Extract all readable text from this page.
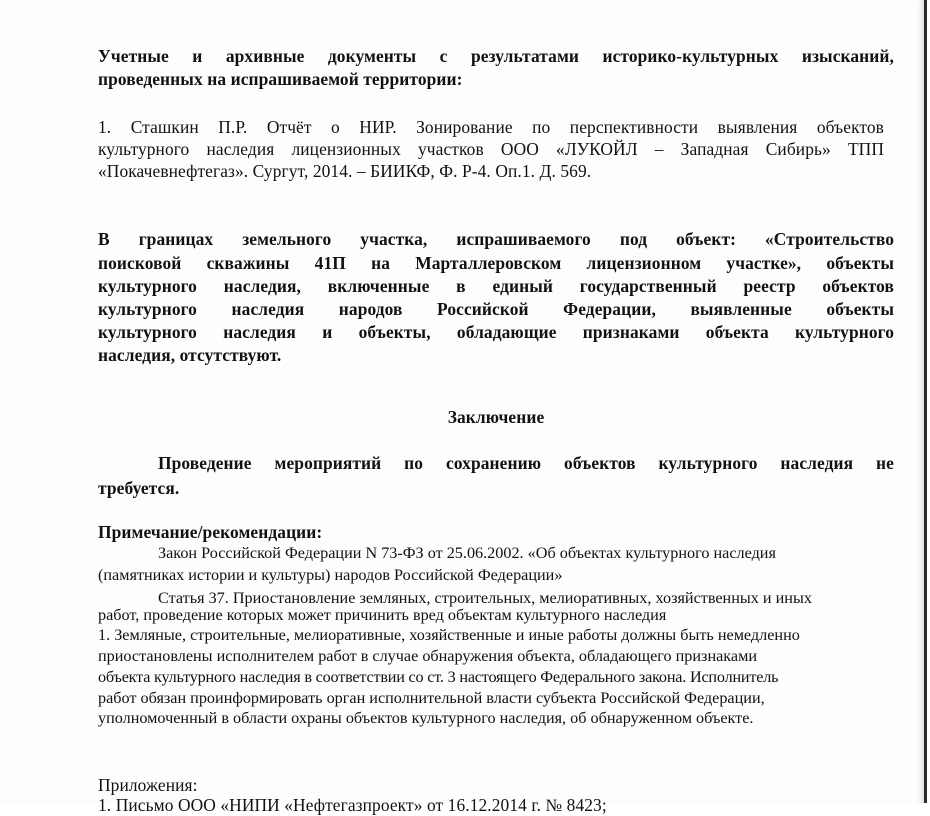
Учетные и архивные документы с результатами историко-культурных изысканий,
проведенных на испрашиваемой территории:
1. Сташкин П.Р. Отчёт о НИР. Зонирование по перспективности выявления объектов
культурного наследия лицензионных участков ООО «ЛУКОЙЛ – Западная Сибирь» ТПП
«Покачевнефтегаз». Сургут, 2014. – БИИКФ, Ф. Р-4. Оп.1. Д. 569.
В границах земельного участка, испрашиваемого под объект: «Строительство
поисковой скважины 41П на Марталлеровском лицензионном участке», объекты
культурного наследия, включенные в единый государственный реестр объектов
культурного наследия народов Российской Федерации, выявленные объекты
культурного наследия и объекты, обладающие признаками объекта культурного
наследия, отсутствуют.
Заключение
Проведение мероприятий по сохранению объектов культурного наследия не
требуется.
Примечание/рекомендации:
Закон Российской Федерации N 73-ФЗ от 25.06.2002. «Об объектах культурного наследия
(памятниках истории и культуры) народов Российской Федерации»
Статья 37. Приостановление земляных, строительных, мелиоративных, хозяйственных и иных
работ, проведение которых может причинить вред объектам культурного наследия
1. Земляные, строительные, мелиоративные, хозяйственные и иные работы должны быть немедленно
приостановлены исполнителем работ в случае обнаружения объекта, обладающего признаками
объекта культурного наследия в соответствии со ст. 3 настоящего Федерального закона. Исполнитель
работ обязан проинформировать орган исполнительной власти субъекта Российской Федерации,
уполномоченный в области охраны объектов культурного наследия, об обнаруженном объекте.
Приложения:
1. Письмо ООО «НИПИ «Нефтегазпроект» от 16.12.2014 г. № 8423;
